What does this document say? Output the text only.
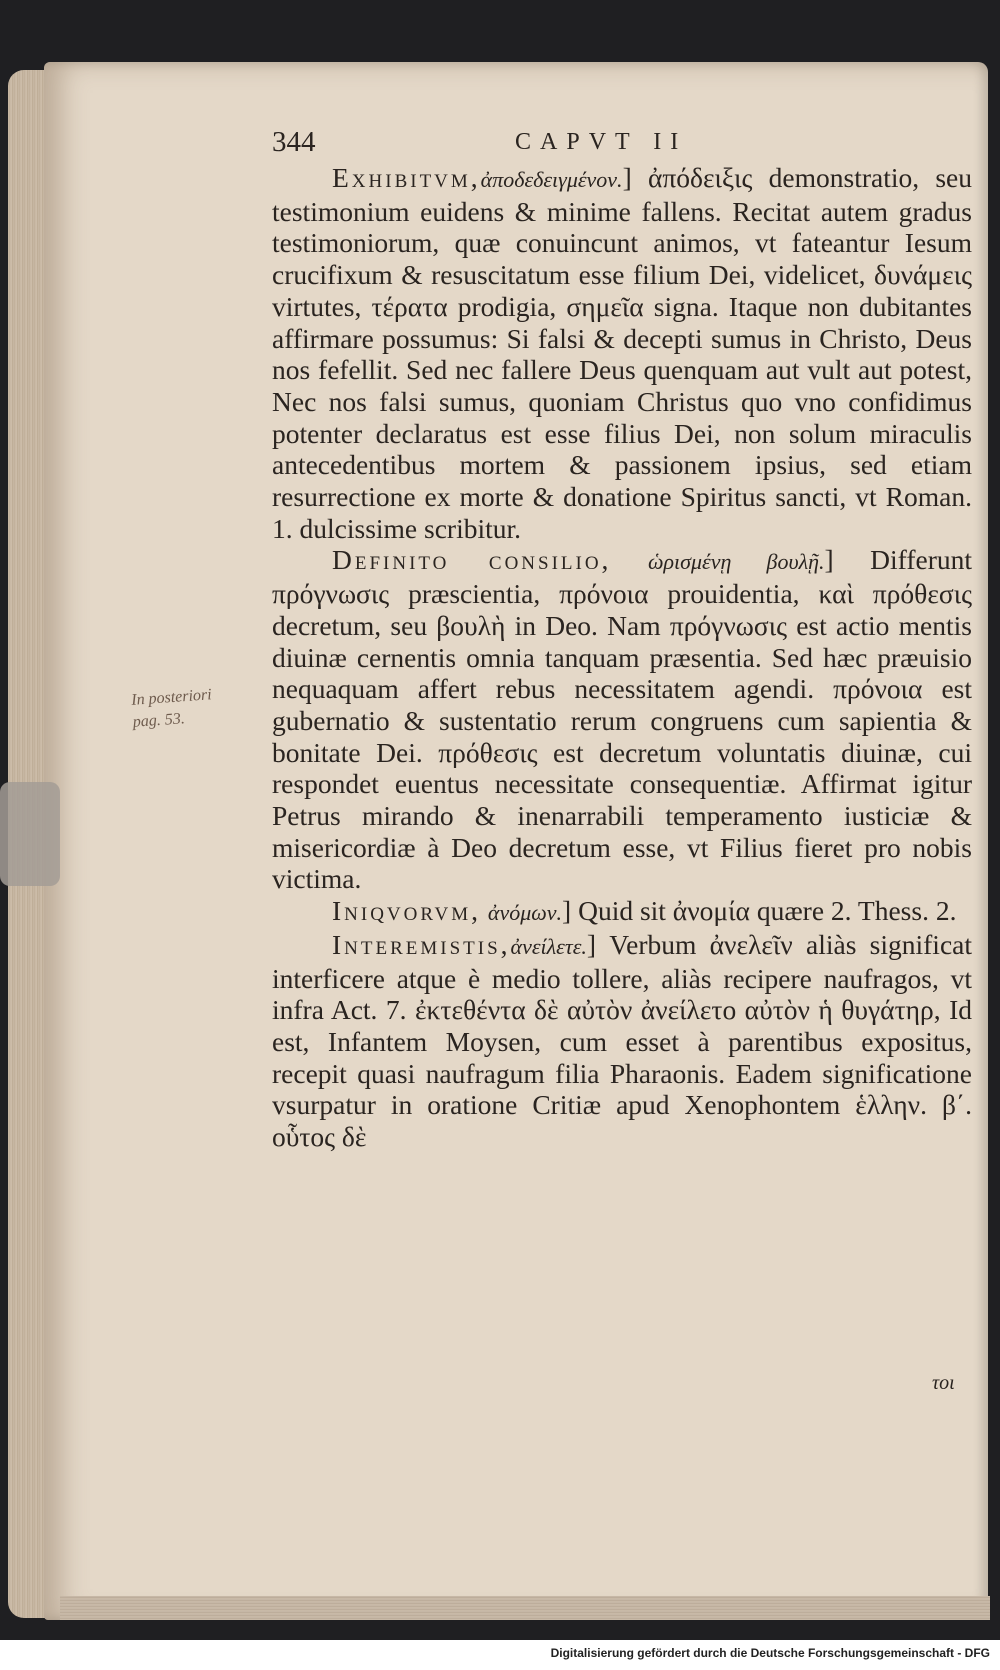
344	CAPVT II
In posteriori pag. 53.

Exhibitvm,ἀποδεδειγμένον.] ἀπόδειξις demonstratio, seu testimonium euidens & minime fallens. Recitat autem gradus testimoniorum, quæ conuincunt animos, vt fateantur Iesum crucifixum & resuscitatum esse filium Dei, videlicet, δυνάμεις virtutes, τέρατα prodigia, σημεῖα signa. Itaque non dubitantes affirmare possumus: Si falsi & decepti sumus in Christo, Deus nos fefellit. Sed nec fallere Deus quenquam aut vult aut potest, Nec nos falsi sumus, quoniam Christus quo vno confidimus potenter declaratus est esse filius Dei, non solum miraculis antecedentibus mortem & passionem ipsius, sed etiam resurrectione ex morte & donatione Spiritus sancti, vt Roman. 1. dulcissime scribitur.

Definito consilio, ὡρισμένῃ βουλῇ.] Differunt πρόγνωσις præscientia, πρόνοια prouidentia, καὶ πρόθεσις decretum, seu βουλὴ in Deo. Nam πρόγνωσις est actio mentis diuinæ cernentis omnia tanquam præsentia. Sed hæc præuisio nequaquam affert rebus necessitatem agendi. πρόνοια est gubernatio & sustentatio rerum congruens cum sapientia & bonitate Dei. πρόθεσις est decretum voluntatis diuinæ, cui respondet euentus necessitate consequentiæ. Affirmat igitur Petrus mirando & inenarrabili temperamento iusticiæ & misericordiæ à Deo decretum esse, vt Filius fieret pro nobis victima.

Iniqvorvm, ἀνόμων.] Quid sit ἀνομία quære 2. Thess. 2.

Interemistis,ἀνείλετε.] Verbum ἀνελεῖν aliàs significat interficere atque è medio tollere, aliàs recipere naufragos, vt infra Act. 7. ἐκτεθέντα δὲ αὐτὸν ἀνείλετο αὐτὸν ἡ θυγάτηρ, Id est, Infantem Moysen, cum esset à parentibus expositus, recepit quasi naufragum filia Pharaonis. Eadem significatione vsurpatur in oratione Critiæ apud Xenophontem ἑλλην. β΄. οὗτος δὲ

τοι
Digitalisierung gefördert durch die Deutsche Forschungsgemeinschaft - DFG
